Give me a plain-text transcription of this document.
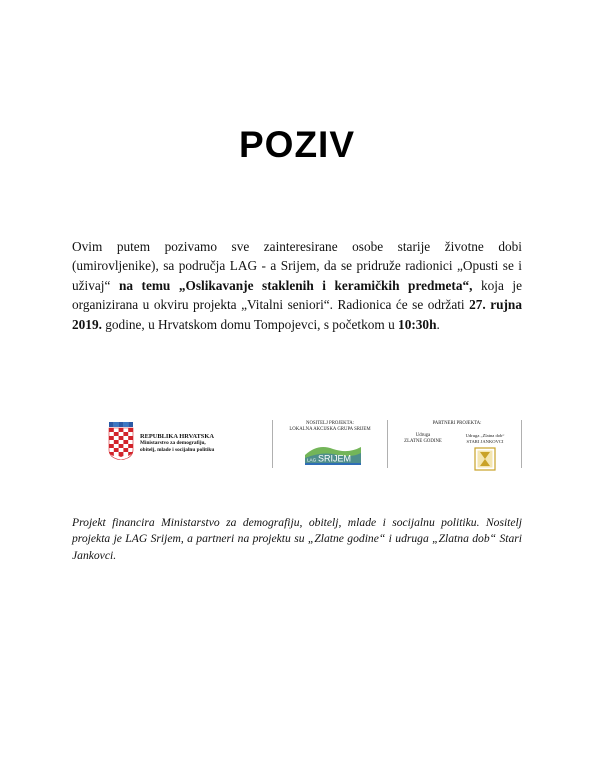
POZIV
Ovim putem pozivamo sve zainteresirane osobe starije životne dobi (umirovljenike), sa područja LAG - a Srijem, da se pridruže radionici „Opusti se i uživaj“ na temu „Oslikavanje staklenih i keramičkih predmeta“, koja je organizirana u okviru projekta „Vitalni seniori“. Radionica će se održati 27. rujna 2019. godine, u Hrvatskom domu Tompojevci, s početkom u 10:30h.
REPUBLIKA HRVATSKA
Ministarstvo za demografiju,
obitelj, mlade i socijalnu politiku
NOSITELJ PROJEKTA:
LOKALNA AKCIJSKA GRUPA SRIJEM
LAG SRIJEM
PARTNERI PROJEKTA:
Udruga
ZLATNE GODINE
Udruga „Zlatna dob“
STARI JANKOVCI
Projekt financira Ministarstvo za demografiju, obitelj, mlade i socijalnu politiku. Nositelj projekta je LAG Srijem, a partneri na projektu su „Zlatne godine“ i udruga „Zlatna dob“ Stari Jankovci.
